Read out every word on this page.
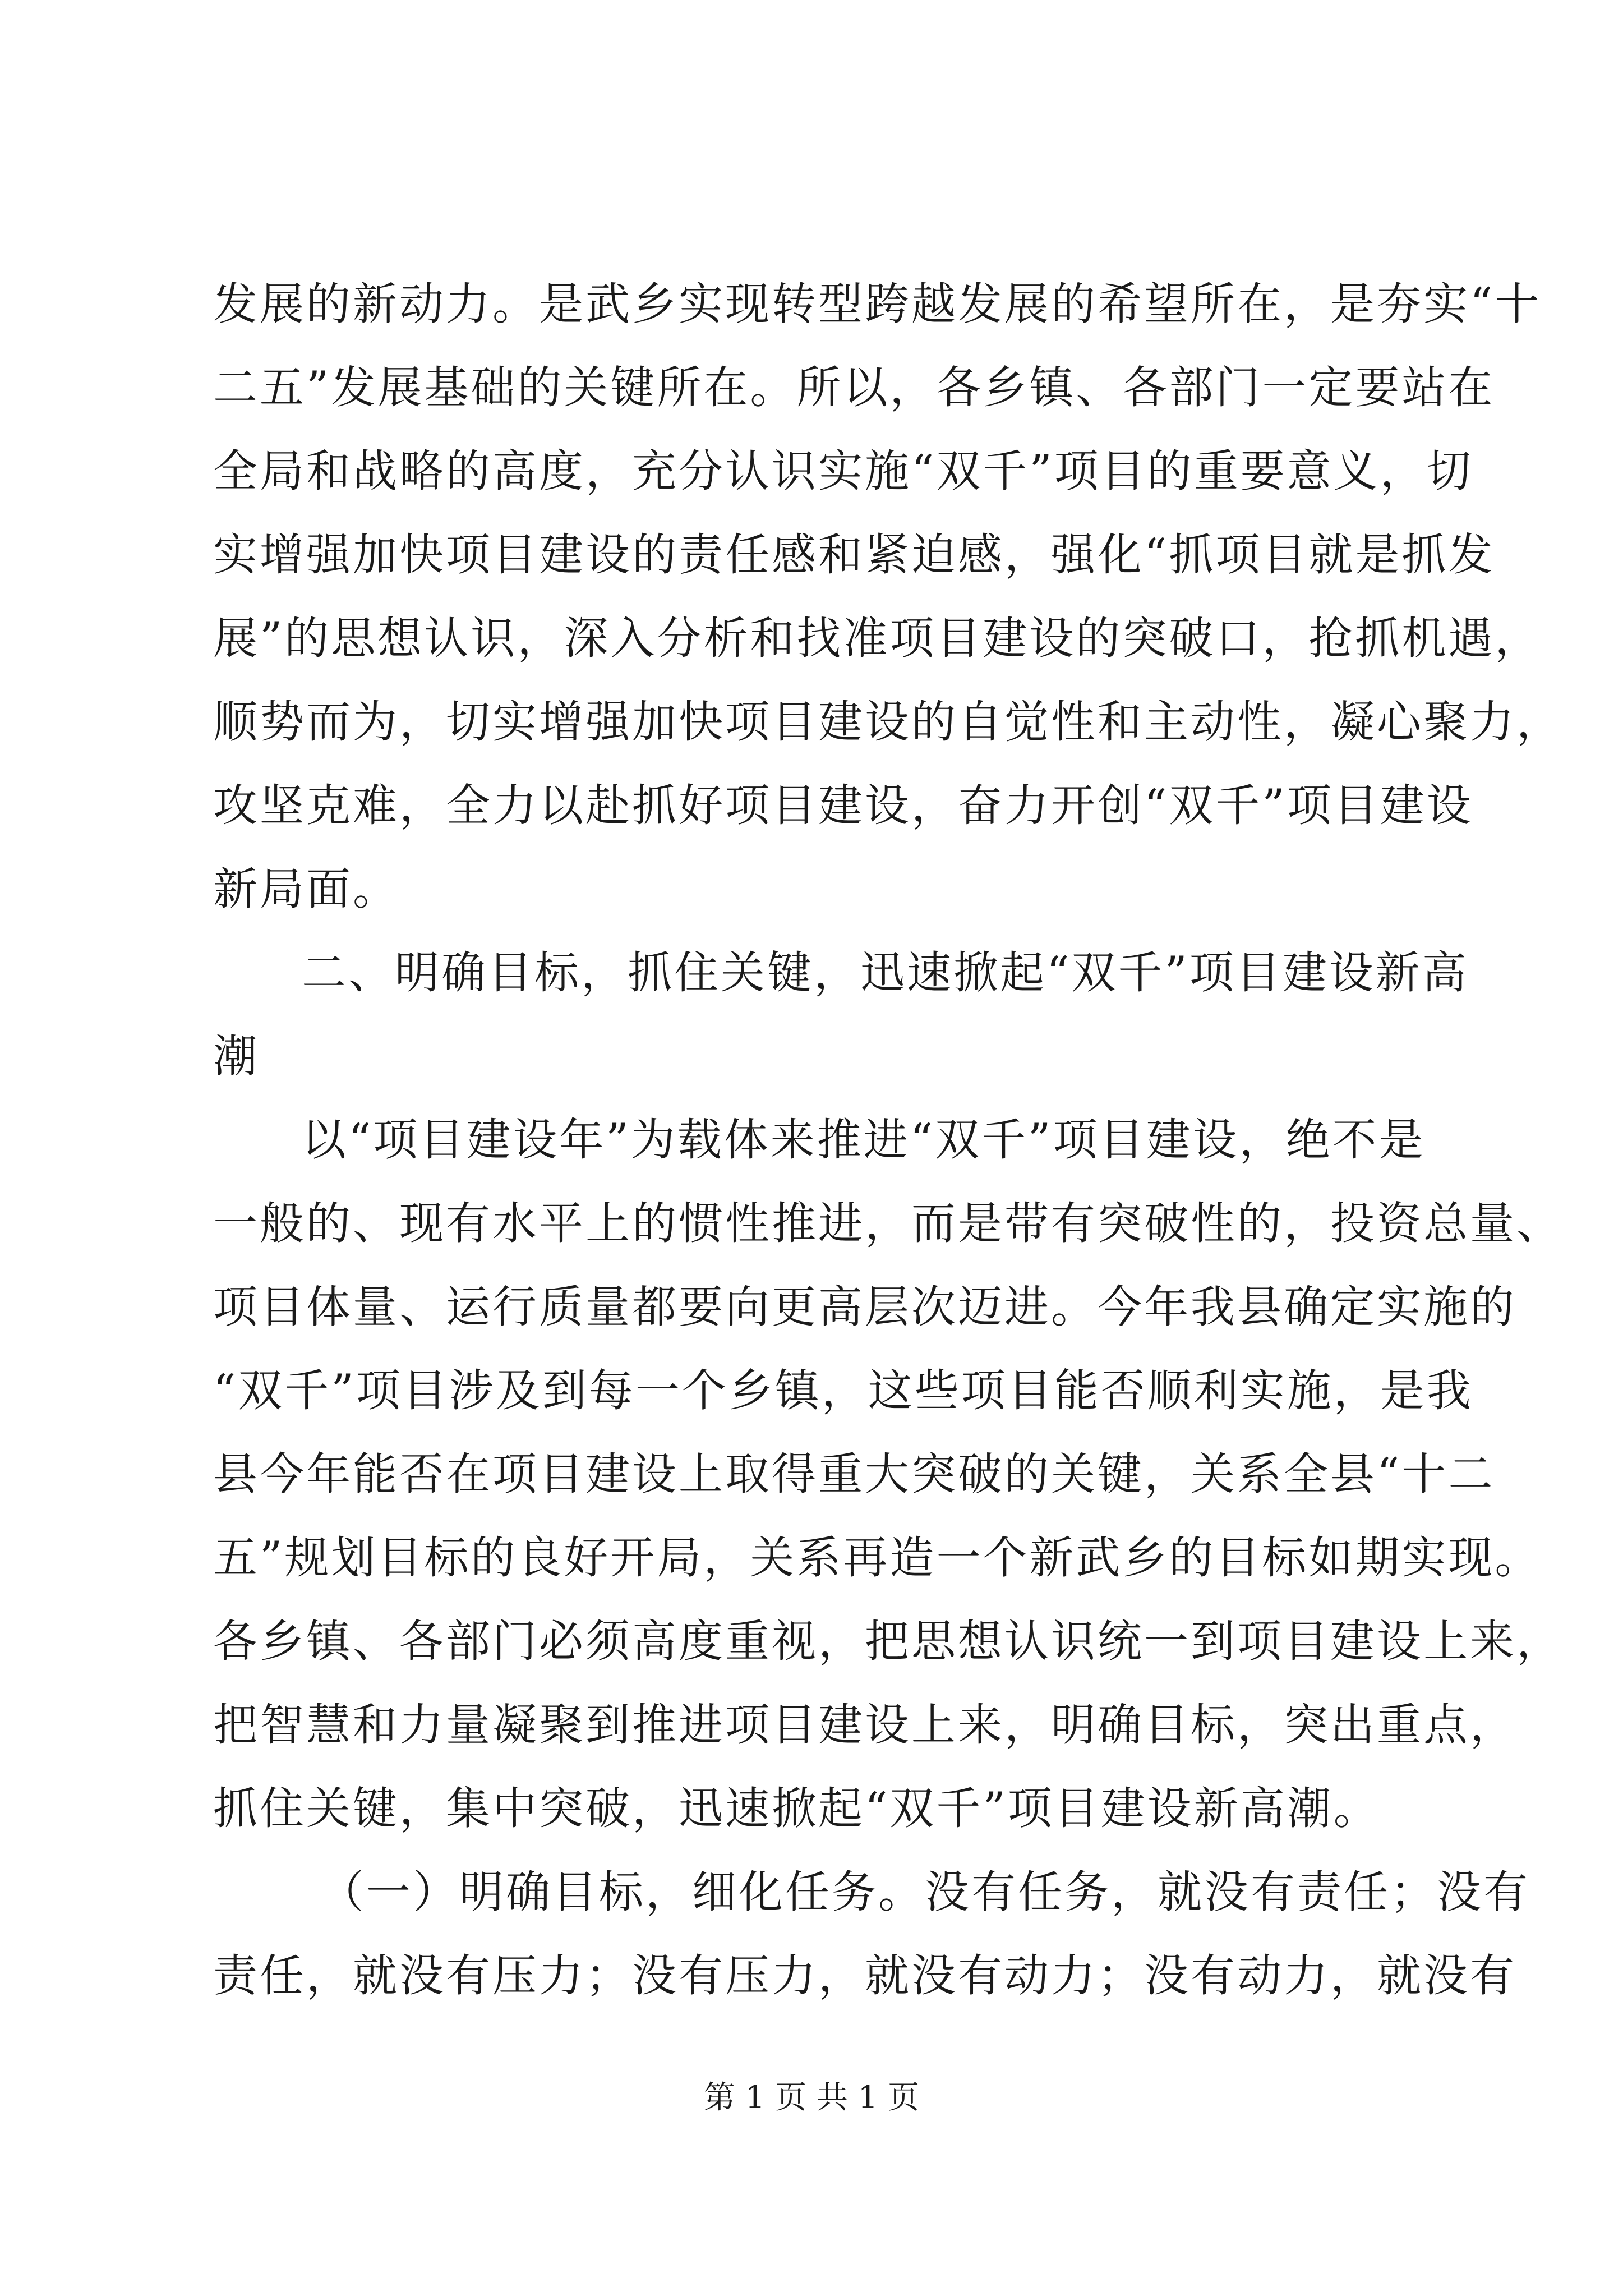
发展的新动力。是武乡实现转型跨越发展的希望所在，是夯实“十
二五”发展基础的关键所在。所以，各乡镇、各部门一定要站在
全局和战略的高度，充分认识实施“双千”项目的重要意义，切
实增强加快项目建设的责任感和紧迫感，强化“抓项目就是抓发
展”的思想认识，深入分析和找准项目建设的突破口，抢抓机遇，
顺势而为，切实增强加快项目建设的自觉性和主动性，凝心聚力，
攻坚克难，全力以赴抓好项目建设，奋力开创“双千”项目建设
新局面。
二、明确目标，抓住关键，迅速掀起“双千”项目建设新高
潮
以“项目建设年”为载体来推进“双千”项目建设，绝不是
一般的、现有水平上的惯性推进，而是带有突破性的，投资总量、
项目体量、运行质量都要向更高层次迈进。今年我县确定实施的
“双千”项目涉及到每一个乡镇，这些项目能否顺利实施，是我
县今年能否在项目建设上取得重大突破的关键，关系全县“十二
五”规划目标的良好开局，关系再造一个新武乡的目标如期实现。
各乡镇、各部门必须高度重视，把思想认识统一到项目建设上来，
把智慧和力量凝聚到推进项目建设上来，明确目标，突出重点，
抓住关键，集中突破，迅速掀起“双千”项目建设新高潮。
（一）明确目标，细化任务。没有任务，就没有责任；没有
责任，就没有压力；没有压力，就没有动力；没有动力，就没有
第 1 页 共 1 页
